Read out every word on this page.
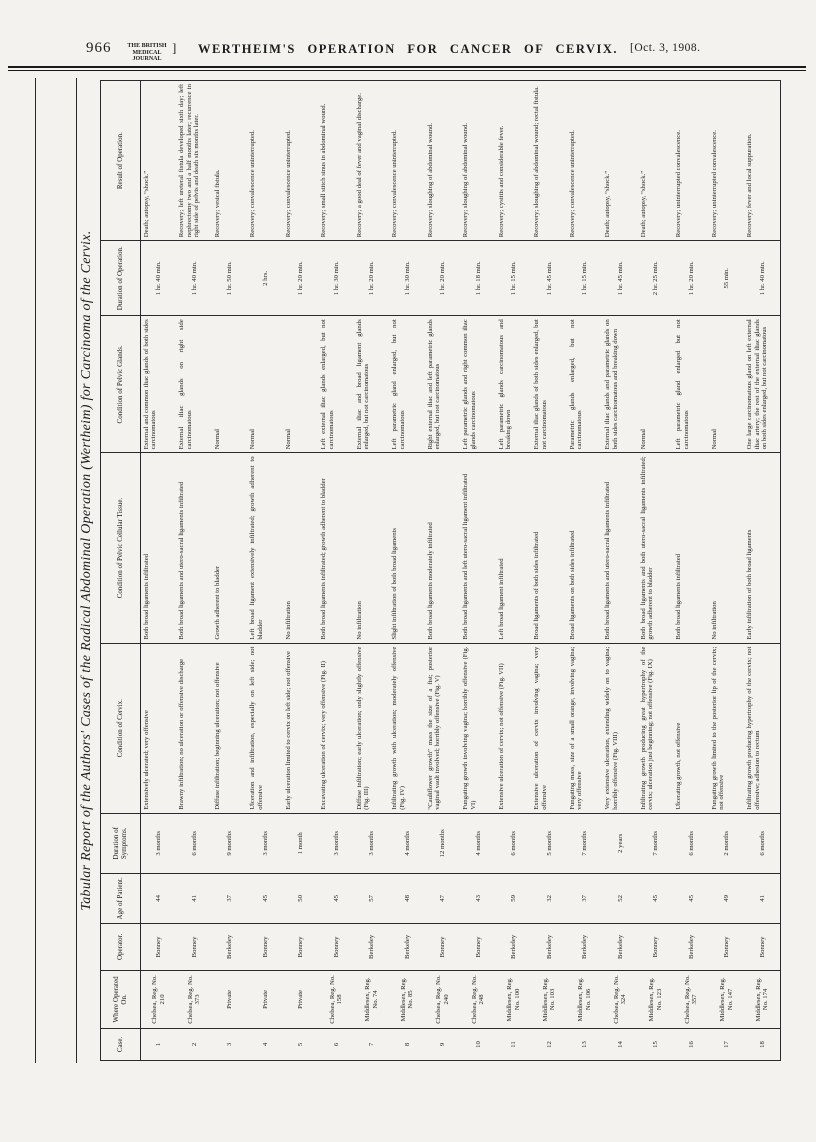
966	THE BRITISH
MEDICAL JOURNAL
]	WERTHEIM'S OPERATION FOR CANCER OF CERVIX.	[Oct. 3, 1908.
Tabular Report of the Authors' Cases of the Radical Abdominal Operation (Wertheim) for Carcinoma of the Cervix.
Case.	Where Operated On.	Operator.	Age of Patient.	Duration of Symptoms.	Condition of Cervix.	Condition of Pelvic Cellular Tissue.	Condition of Pelvic Glands.	Duration of Operation.	Result of Operation.

1	Chelsea, Reg. No. 210	Bonney	44	3 months	Extensively ulcerated; very offensive	Both broad ligaments infiltrated	External and common iliac glands of both sides carcinomatous	1 hr. 40 min.	Death; autopsy, “shock.”

2	Chelsea, Reg. No. 373	Bonney	41	6 months	Brawny infiltration; no ulceration or offensive discharge	Both broad ligaments and utero-sacral ligaments infiltrated	External iliac glands on right side carcinomatous	1 hr. 40 min.	Recovery; left ureteral fistula developed sixth day; left nephrectomy two and a half months later; recurrence in right side of pelvis and death six months later.

3	Private	Berkeley	37	9 months	Diffuse infiltration; beginning ulceration; not offensive	Growth adherent to bladder	Normal	1 hr. 50 min.	Recovery; vesical fistula.

4	Private	Bonney	45	3 months	Ulceration and infiltration, especially on left side; not offensive	Left broad ligament extensively infiltrated; growth adherent to bladder	Normal	2 hrs.	Recovery; convalescence uninterrupted.

5	Private	Bonney	50	1 month	Early ulceration limited to cervix on left side; not offensive	No infiltration	Normal	1 hr. 20 min.	Recovery; convalescence uninterrupted.

6	Chelsea, Reg. No. 158	Bonney	45	3 months	Excavating ulceration of cervix; very offensive (Fig. II)	Both broad ligaments infiltrated; growth adherent to bladder	Left external iliac glands enlarged, but not carcinomatous	1 hr. 30 min.	Recovery; small stitch sinus in abdominal wound.

7	Middlesex, Reg. No. 74	Berkeley	57	3 months	Diffuse infiltration; early ulceration; only slightly offensive (Fig. III)	No infiltration	External iliac and broad ligament glands enlarged, but not carcinomatous	1 hr. 20 min.	Recovery; a good deal of fever and vaginal discharge.

8	Middlesex, Reg. No. 85	Berkeley	48	4 months	Infiltrating growth with ulceration; moderately offensive (Fig. IV)	Slight infiltration of both broad ligaments	Left parametric gland enlarged, but not carcinomatous	1 hr. 30 min.	Recovery; convalescence uninterrupted.

9	Chelsea, Reg. No. 240	Bonney	47	12 months	“Cauliflower growth” mass the size of a fist; posterior vaginal vault involved; horribly offensive (Fig. V)	Both broad ligaments moderately infiltrated	Right external iliac and left parametric glands enlarged, but not carcinomatous	1 hr. 20 min.	Recovery; sloughing of abdominal wound.

10	Chelsea, Reg. No. 248	Bonney	43	4 months	Fungating growth involving vagina; horribly offensive (Fig. VI)	Both broad ligaments and left utero-sacral ligament infiltrated	Left parametric glands and right common iliac glands carcinomatous	1 hr. 18 min.	Recovery; sloughing of abdominal wound.

11	Middlesex, Reg. No. 100	Berkeley	59	6 months	Extensive ulceration of cervix; not offensive (Fig. VII)	Left broad ligament infiltrated	Left parametric glands carcinomatous and breaking down	1 hr. 15 min.	Recovery; cystitis and considerable fever.

12	Middlesex, Reg. No. 103	Berkeley	32	5 months	Extensive ulceration of cervix involving vagina; very offensive	Broad ligaments of both sides infiltrated	External iliac glands of both sides enlarged, but not carcinomatous	1 hr. 45 min.	Recovery; sloughing of abdominal wound; rectal fistula.

13	Middlesex, Reg. No. 106	Berkeley	37	7 months	Fungating mass, size of a small orange, involving vagina; very offensive	Broad ligaments on both sides infiltrated	Parametric glands enlarged, but not carcinomatous	1 hr. 15 min.	Recovery; convalescence uninterrupted.

14	Chelsea, Reg. No. 324	Berkeley	52	2 years	Very extensive ulceration, extending widely on to vagina; horribly offensive (Fig. VIII)	Both broad ligaments and utero-sacral ligaments infiltrated	External iliac glands and parametric glands on both sides carcinomatous and breaking down	1 hr. 45 min.	Death; autopsy, “shock.”

15	Middlesex, Reg. No. 123	Bonney	45	7 months	Infiltrating growth producing great hypertrophy of the cervix; ulceration just beginning; not offensive (Fig. IX)	Both broad ligaments and both utero-sacral ligaments infiltrated; growth adherent to bladder	Normal	2 hr. 25 min.	Death; autopsy, “shock.”

16	Chelsea, Reg. No. 357	Berkeley	45	6 months	Ulcerating growth, not offensive	Both broad ligaments infiltrated	Left parametric gland enlarged but not carcinomatous	1 hr. 20 min.	Recovery; uninterrupted convalescence.

17	Middlesex, Reg. No. 147	Bonney	49	2 months	Fungating growth limited to the posterior lip of the cervix; not offensive	No infiltration	Normal	55 min.	Recovery; uninterrupted convalescence.

18	Middlesex, Reg. No. 174	Bonney	41	6 months	Infiltrating growth producing hypertrophy of the cervix; not offensive; adhesion to rectum	Early infiltration of both broad ligaments	One large carcinomatous gland on left external iliac artery; the rest of the external iliac glands on both sides enlarged, but not carcinomatous	1 hr. 40 min.	Recovery; fever and local suppuration.
